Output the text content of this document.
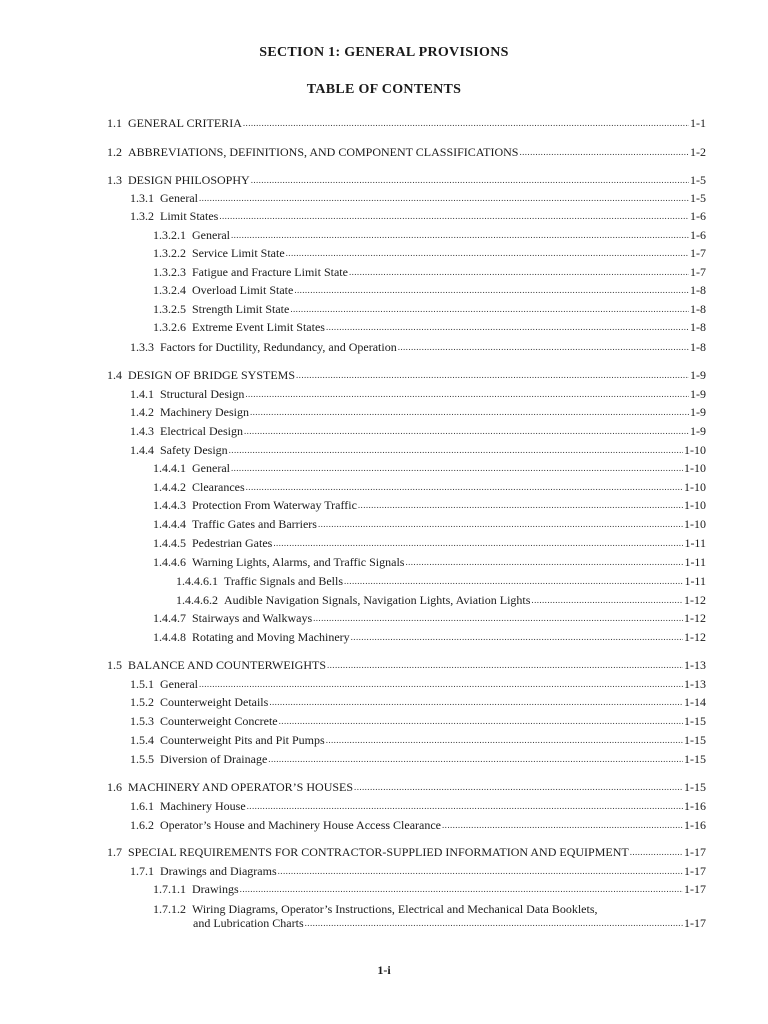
SECTION 1: GENERAL PROVISIONS
TABLE OF CONTENTS
1.1 GENERAL CRITERIA .....	1-1
1.2 ABBREVIATIONS, DEFINITIONS, AND COMPONENT CLASSIFICATIONS .....	1-2
1.3 DESIGN PHILOSOPHY .....	1-5
1.3.1 General .....	1-5
1.3.2 Limit States .....	1-6
1.3.2.1 General .....	1-6
1.3.2.2 Service Limit State .....	1-7
1.3.2.3 Fatigue and Fracture Limit State .....	1-7
1.3.2.4 Overload Limit State .....	1-8
1.3.2.5 Strength Limit State .....	1-8
1.3.2.6 Extreme Event Limit States .....	1-8
1.3.3 Factors for Ductility, Redundancy, and Operation .....	1-8
1.4 DESIGN OF BRIDGE SYSTEMS .....	1-9
1.4.1 Structural Design .....	1-9
1.4.2 Machinery Design .....	1-9
1.4.3 Electrical Design .....	1-9
1.4.4 Safety Design .....	1-10
1.4.4.1 General .....	1-10
1.4.4.2 Clearances .....	1-10
1.4.4.3 Protection From Waterway Traffic .....	1-10
1.4.4.4 Traffic Gates and Barriers .....	1-10
1.4.4.5 Pedestrian Gates .....	1-11
1.4.4.6 Warning Lights, Alarms, and Traffic Signals .....	1-11
1.4.4.6.1 Traffic Signals and Bells .....	1-11
1.4.4.6.2 Audible Navigation Signals, Navigation Lights, Aviation Lights .....	1-12
1.4.4.7 Stairways and Walkways .....	1-12
1.4.4.8 Rotating and Moving Machinery .....	1-12
1.5 BALANCE AND COUNTERWEIGHTS .....	1-13
1.5.1 General .....	1-13
1.5.2 Counterweight Details .....	1-14
1.5.3 Counterweight Concrete .....	1-15
1.5.4 Counterweight Pits and Pit Pumps .....	1-15
1.5.5 Diversion of Drainage .....	1-15
1.6 MACHINERY AND OPERATOR’S HOUSES .....	1-15
1.6.1 Machinery House .....	1-16
1.6.2 Operator’s House and Machinery House Access Clearance .....	1-16
1.7 SPECIAL REQUIREMENTS FOR CONTRACTOR-SUPPLIED INFORMATION AND EQUIPMENT .....	1-17
1.7.1 Drawings and Diagrams .....	1-17
1.7.1.1 Drawings .....	1-17
1.7.1.2 Wiring Diagrams, Operator’s Instructions, Electrical and Mechanical Data Booklets,
and Lubrication Charts .....	1-17
1-i
